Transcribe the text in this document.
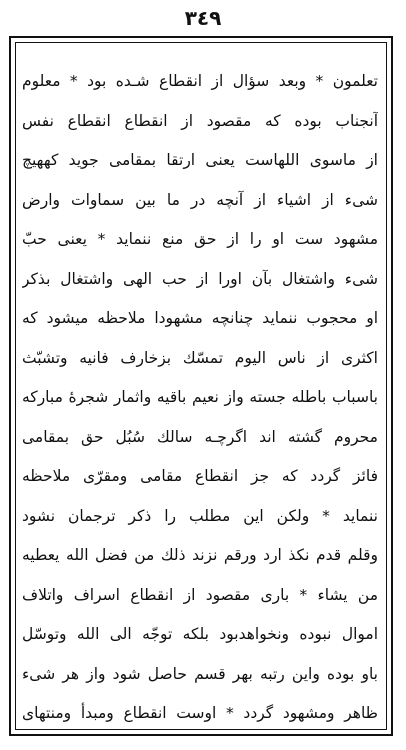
٣٤٩
تعلمون * وبعد سؤال از انقطاع شـده بود * معلوم
آنجناب بوده که مقصود از انقطاع انقطاع نفس
از ماسوی اللهاست يعنی ارتقا بمقامی جويد کههيچ
شیء از اشياء از آنچه در ما بين سماوات وارض
مشهود ست او را از حق منع ننمايد * يعنی حبّ
شیء واشتغال بآن اورا از حب الهی واشتغال بذکر
او محجوب ننمايد چنانچه مشهودا ملاحظه ميشود که
اکثری از ناس اليوم تمسّك بزخارف فانيه وتشبّث
باسباب باطله جسته واز نعيم باقيه واثمار شجرهٔ مبارکه
محروم گشته اند اگرچـه سالك سُبُل حق بمقامی
فائز گردد که جز انقطاع مقامی ومقرّی ملاحظه
ننمايد * ولکن اين مطلب را ذکر ترجمان نشود
وقلم قدم نکذ ارد ورقم نزند ذلك من فضل الله يعطيه
من يشاء * باری مقصود از انقطاع اسراف واتلاف
اموال نبوده ونخواهدبود بلکه توجّه الی الله وتوسّل
باو بوده واين رتبه بهر قسم حاصل شود واز هر شیء
ظاهر ومشهود گردد * اوست انقطاع ومبدأ ومنتهای
